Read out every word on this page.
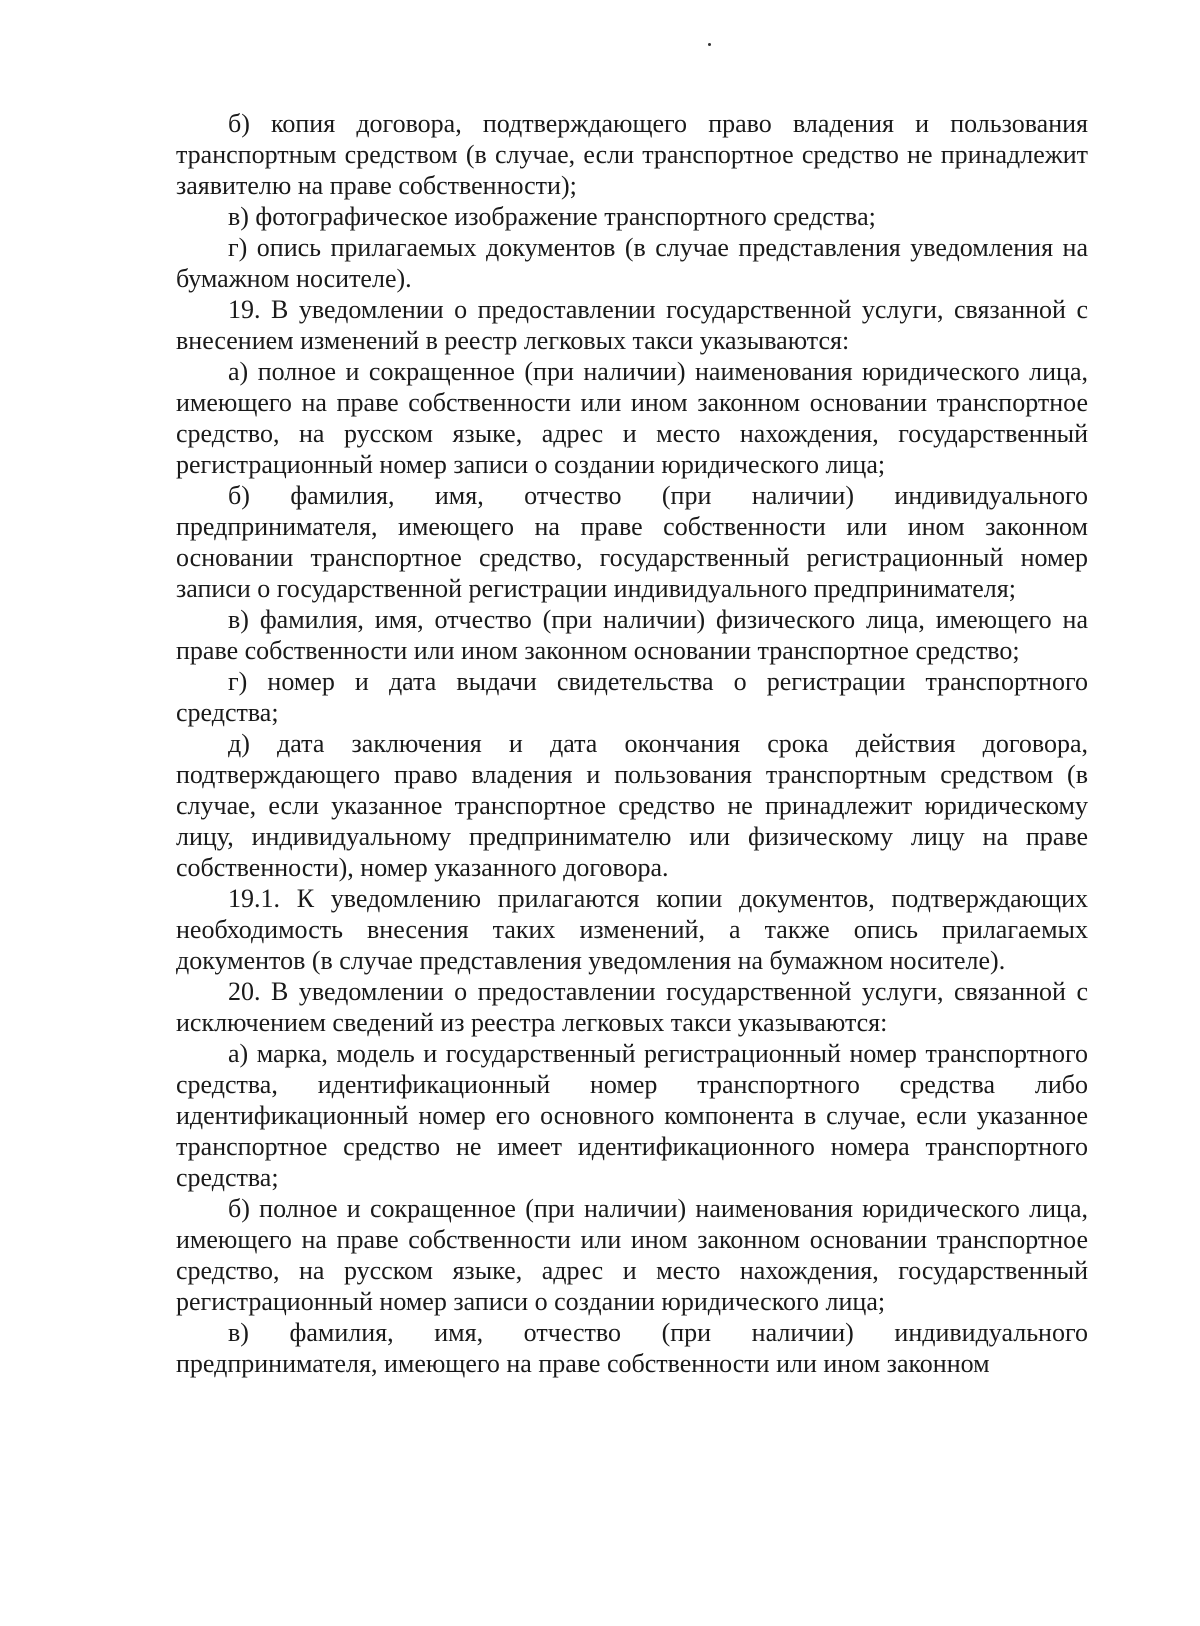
б) копия договора, подтверждающего право владения и пользования транспортным средством (в случае, если транспортное средство не принадлежит заявителю на праве собственности);

в) фотографическое изображение транспортного средства;

г) опись прилагаемых документов (в случае представления уведомления на бумажном носителе).

19. В уведомлении о предоставлении государственной услуги, связанной с внесением изменений в реестр легковых такси указываются:

а) полное и сокращенное (при наличии) наименования юридического лица, имеющего на праве собственности или ином законном основании транспортное средство, на русском языке, адрес и место нахождения, государственный регистрационный номер записи о создании юридического лица;

б) фамилия, имя, отчество (при наличии) индивидуального предпринимателя, имеющего на праве собственности или ином законном основании транспортное средство, государственный регистрационный номер записи о государственной регистрации индивидуального предпринимателя;

в) фамилия, имя, отчество (при наличии) физического лица, имеющего на праве собственности или ином законном основании транспортное средство;

г) номер и дата выдачи свидетельства о регистрации транспортного средства;

д) дата заключения и дата окончания срока действия договора, подтверждающего право владения и пользования транспортным средством (в случае, если указанное транспортное средство не принадлежит юридическому лицу, индивидуальному предпринимателю или физическому лицу на праве собственности), номер указанного договора.

19.1. К уведомлению прилагаются копии документов, подтверждающих необходимость внесения таких изменений, а также опись прилагаемых документов (в случае представления уведомления на бумажном носителе).

20. В уведомлении о предоставлении государственной услуги, связанной с исключением сведений из реестра легковых такси указываются:

а) марка, модель и государственный регистрационный номер транспортного средства, идентификационный номер транспортного средства либо идентификационный номер его основного компонента в случае, если указанное транспортное средство не имеет идентификационного номера транспортного средства;

б) полное и сокращенное (при наличии) наименования юридического лица, имеющего на праве собственности или ином законном основании транспортное средство, на русском языке, адрес и место нахождения, государственный регистрационный номер записи о создании юридического лица;

в) фамилия, имя, отчество (при наличии) индивидуального предпринимателя, имеющего на праве собственности или ином законном
